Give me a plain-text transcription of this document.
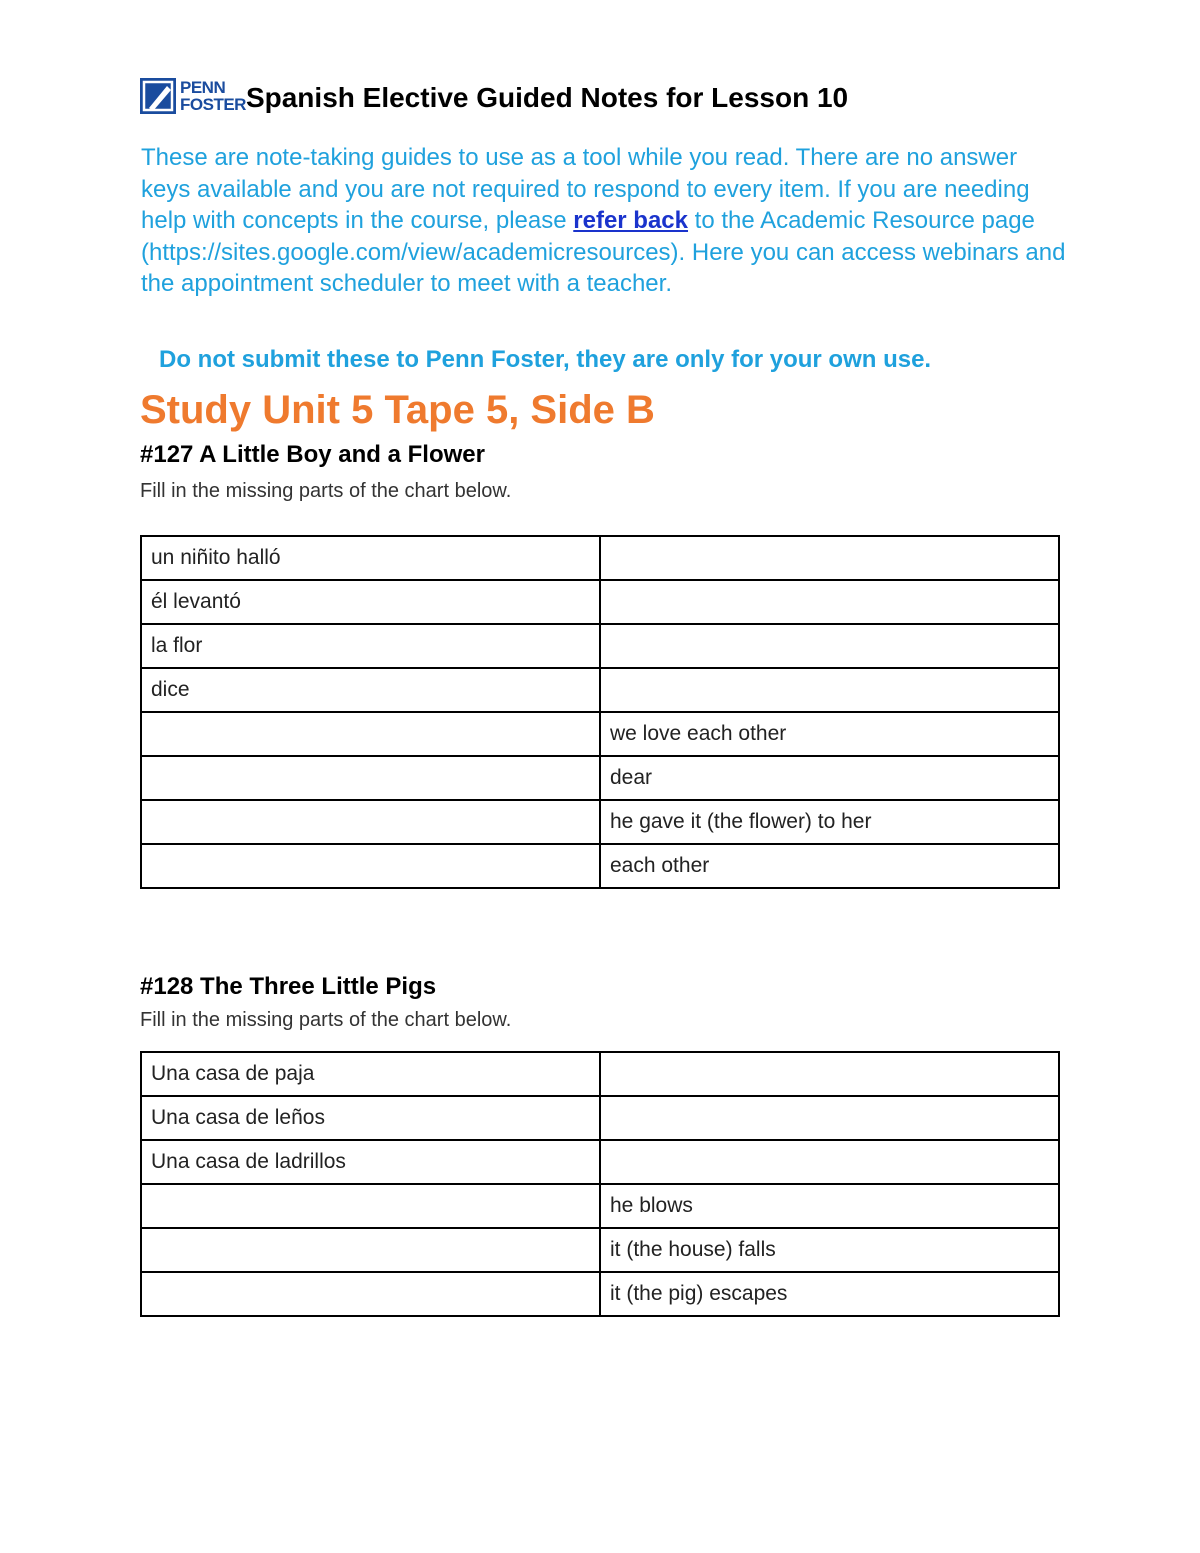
PENN
FOSTER Spanish Elective Guided Notes for Lesson 10

These are note-taking guides to use as a tool while you read. There are no answer keys available and you are not required to respond to every item. If you are needing help with concepts in the course, please refer back to the Academic Resource page (https://sites.google.com/view/academicresources). Here you can access webinars and the appointment scheduler to meet with a teacher.

Do not submit these to Penn Foster, they are only for your own use.

Study Unit 5 Tape 5, Side B
#127 A Little Boy and a Flower

Fill in the missing parts of the chart below.

un niñito halló	
él levantó	
la flor	
dice	
	we love each other
	dear
	he gave it (the flower) to her
	each other
#128 The Three Little Pigs

Fill in the missing parts of the chart below.

Una casa de paja	
Una casa de leños	
Una casa de ladrillos	
	he blows
	it (the house) falls
	it (the pig) escapes
